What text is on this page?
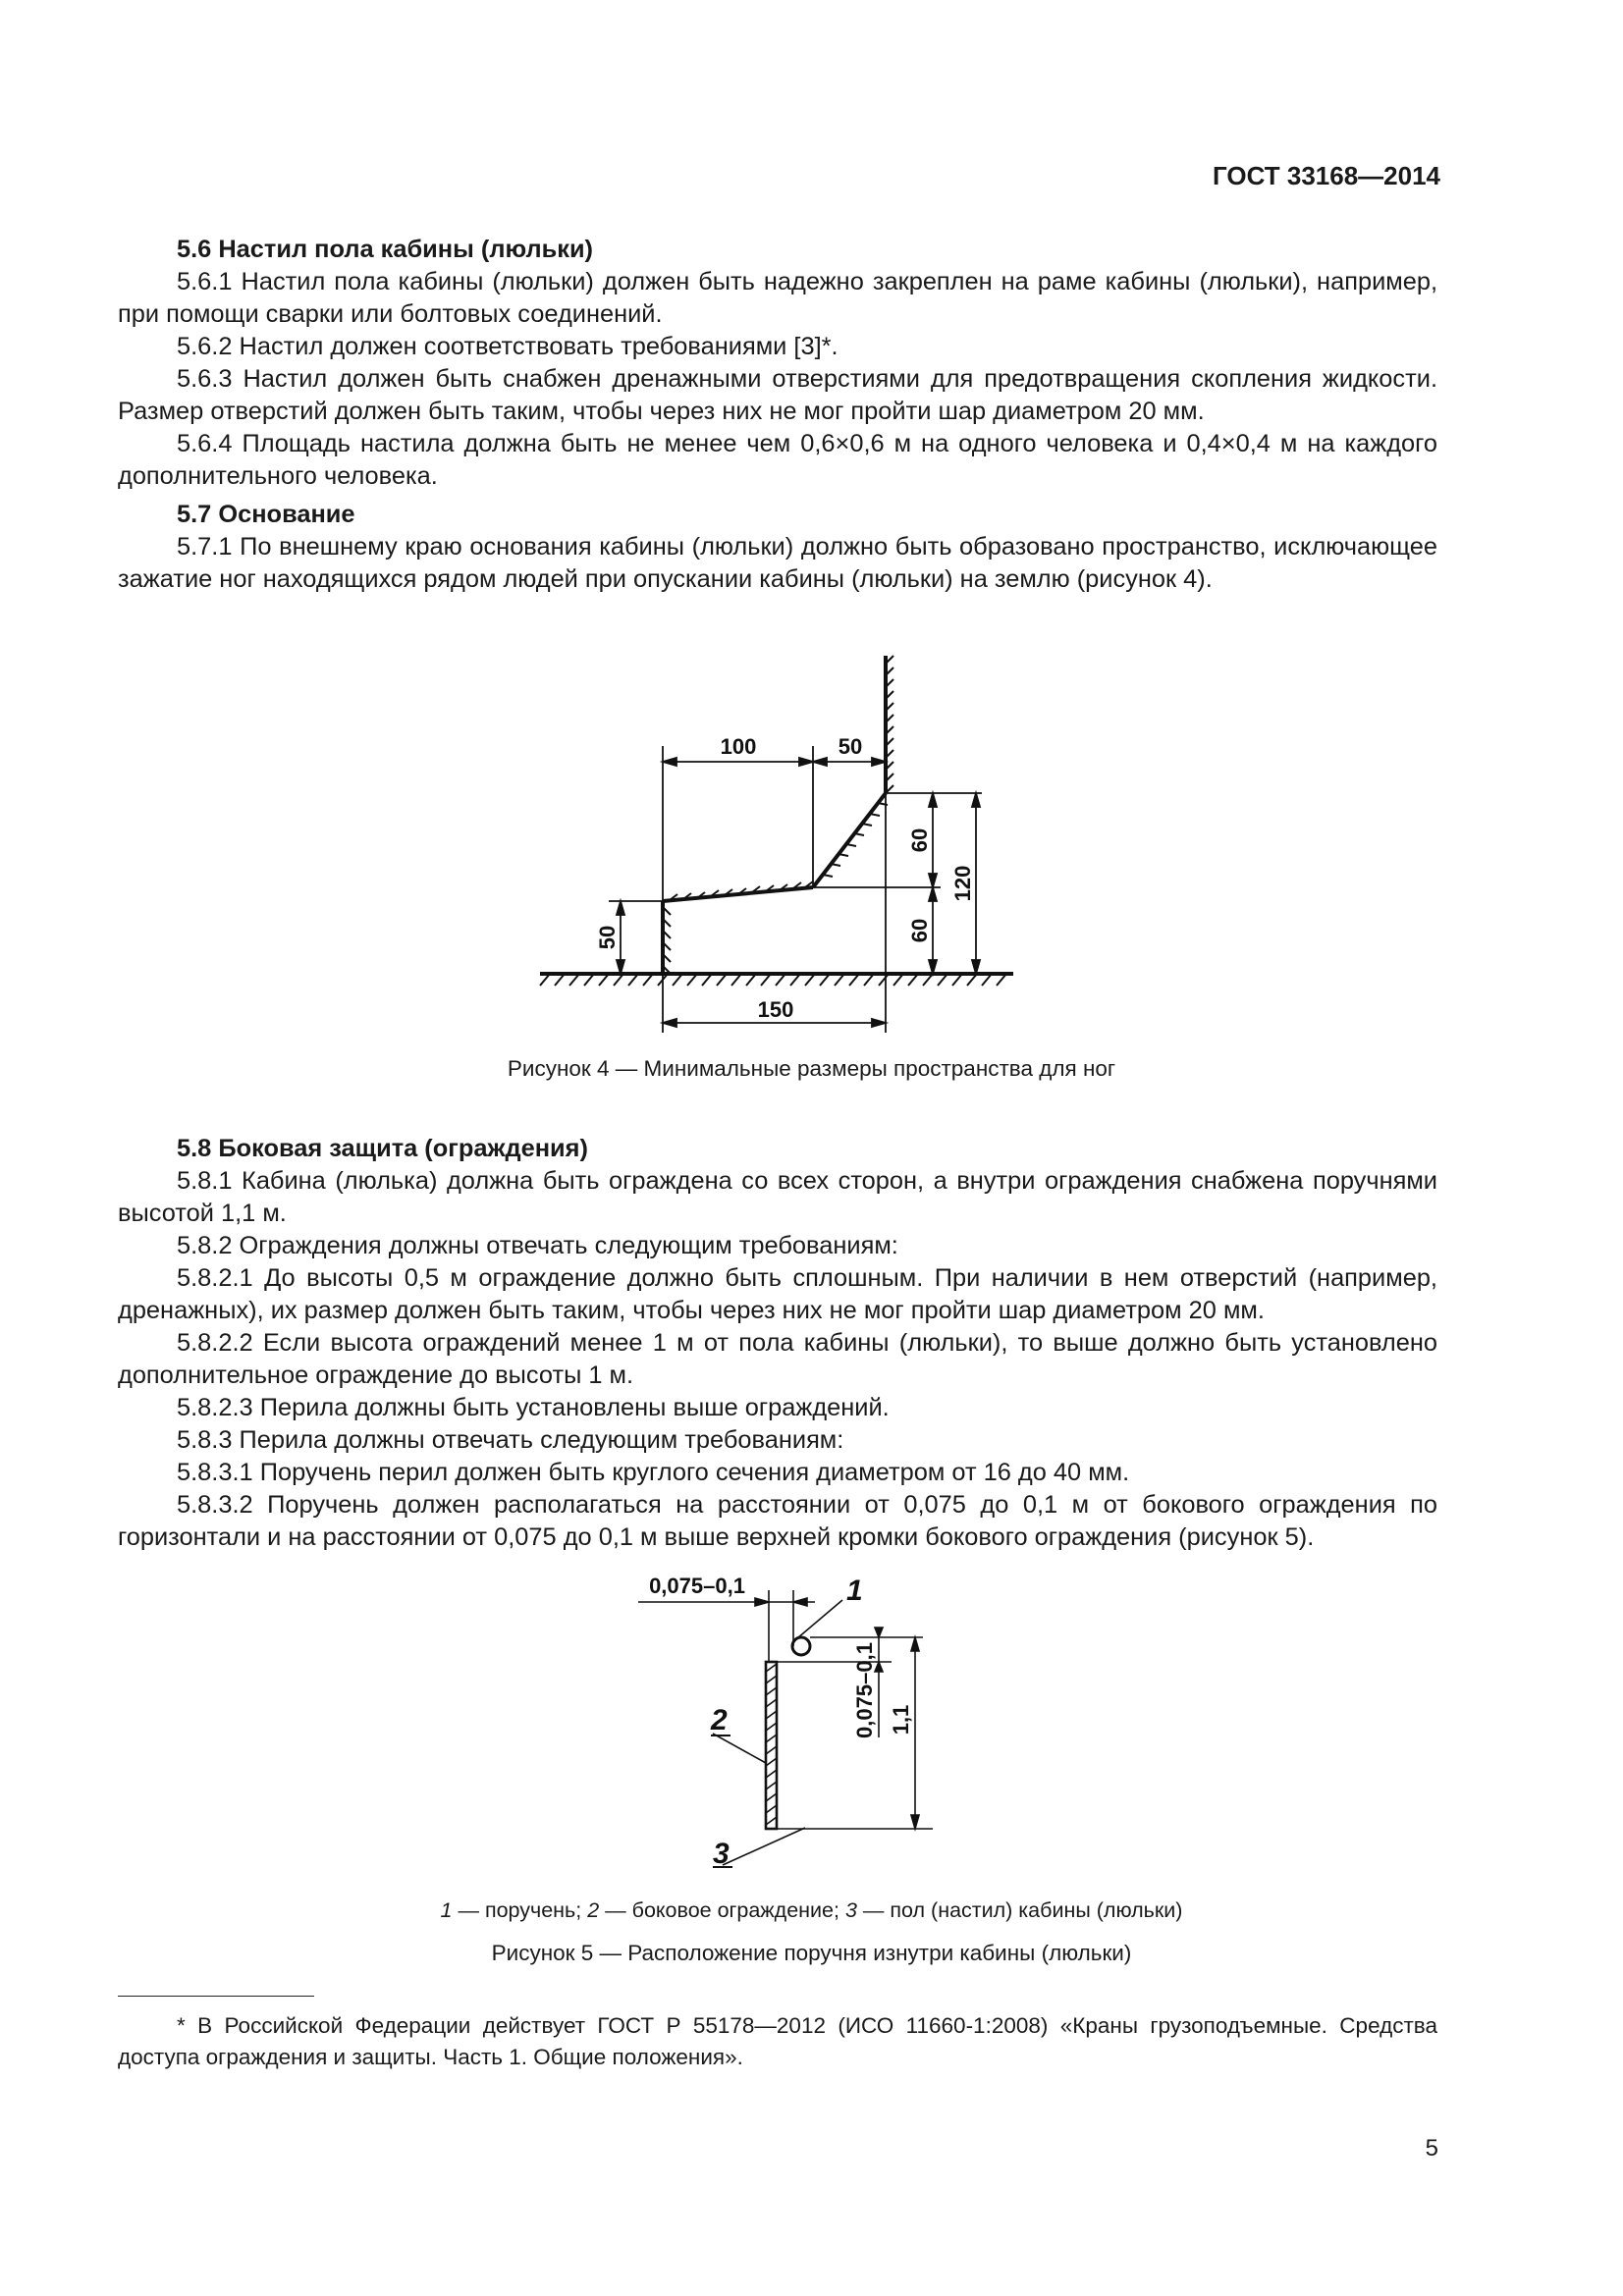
ГОСТ 33168—2014
5.6 Настил пола кабины (люльки)

5.6.1 Настил пола кабины (люльки) должен быть надежно закреплен на раме кабины (люльки), например, при помощи сварки или болтовых соединений.

5.6.2 Настил должен соответствовать требованиями [3]*.

5.6.3 Настил должен быть снабжен дренажными отверстиями для предотвращения скопления жидкости. Размер отверстий должен быть таким, чтобы через них не мог пройти шар диаметром 20 мм.

5.6.4 Площадь настила должна быть не менее чем 0,6×0,6 м на одного человека и 0,4×0,4 м на каждого дополнительного человека.

5.7 Основание

5.7.1 По внешнему краю основания кабины (люльки) должно быть образовано пространство, исключающее зажатие ног находящихся рядом людей при опускании кабины (люльки) на землю (рисунок 4).

100	50
60
60
120
50
150
Рисунок 4 — Минимальные размеры пространства для ног
5.8 Боковая защита (ограждения)

5.8.1 Кабина (люлька) должна быть ограждена со всех сторон, а внутри ограждения снабжена поручнями высотой 1,1 м.

5.8.2 Ограждения должны отвечать следующим требованиям:

5.8.2.1 До высоты 0,5 м ограждение должно быть сплошным. При наличии в нем отверстий (например, дренажных), их размер должен быть таким, чтобы через них не мог пройти шар диаметром 20 мм.

5.8.2.2 Если высота ограждений менее 1 м от пола кабины (люльки), то выше должно быть установлено дополнительное ограждение до высоты 1 м.

5.8.2.3 Перила должны быть установлены выше ограждений.

5.8.3 Перила должны отвечать следующим требованиям:

5.8.3.1 Поручень перил должен быть круглого сечения диаметром от 16 до 40 мм.

5.8.3.2 Поручень должен располагаться на расстоянии от 0,075 до 0,1 м от бокового ограждения по горизонтали и на расстоянии от 0,075 до 0,1 м выше верхней кромки бокового ограждения (рисунок 5).

0,075–0,1
0,075–0,1 1,1
1
2
3
1 — поручень; 2 — боковое ограждение; 3 — пол (настил) кабины (люльки)
Рисунок 5 — Расположение поручня изнутри кабины (люльки)

* В Российской Федерации действует ГОСТ Р 55178—2012 (ИСО 11660-1:2008) «Краны грузоподъемные. Средства доступа ограждения и защиты. Часть 1. Общие положения».

5
